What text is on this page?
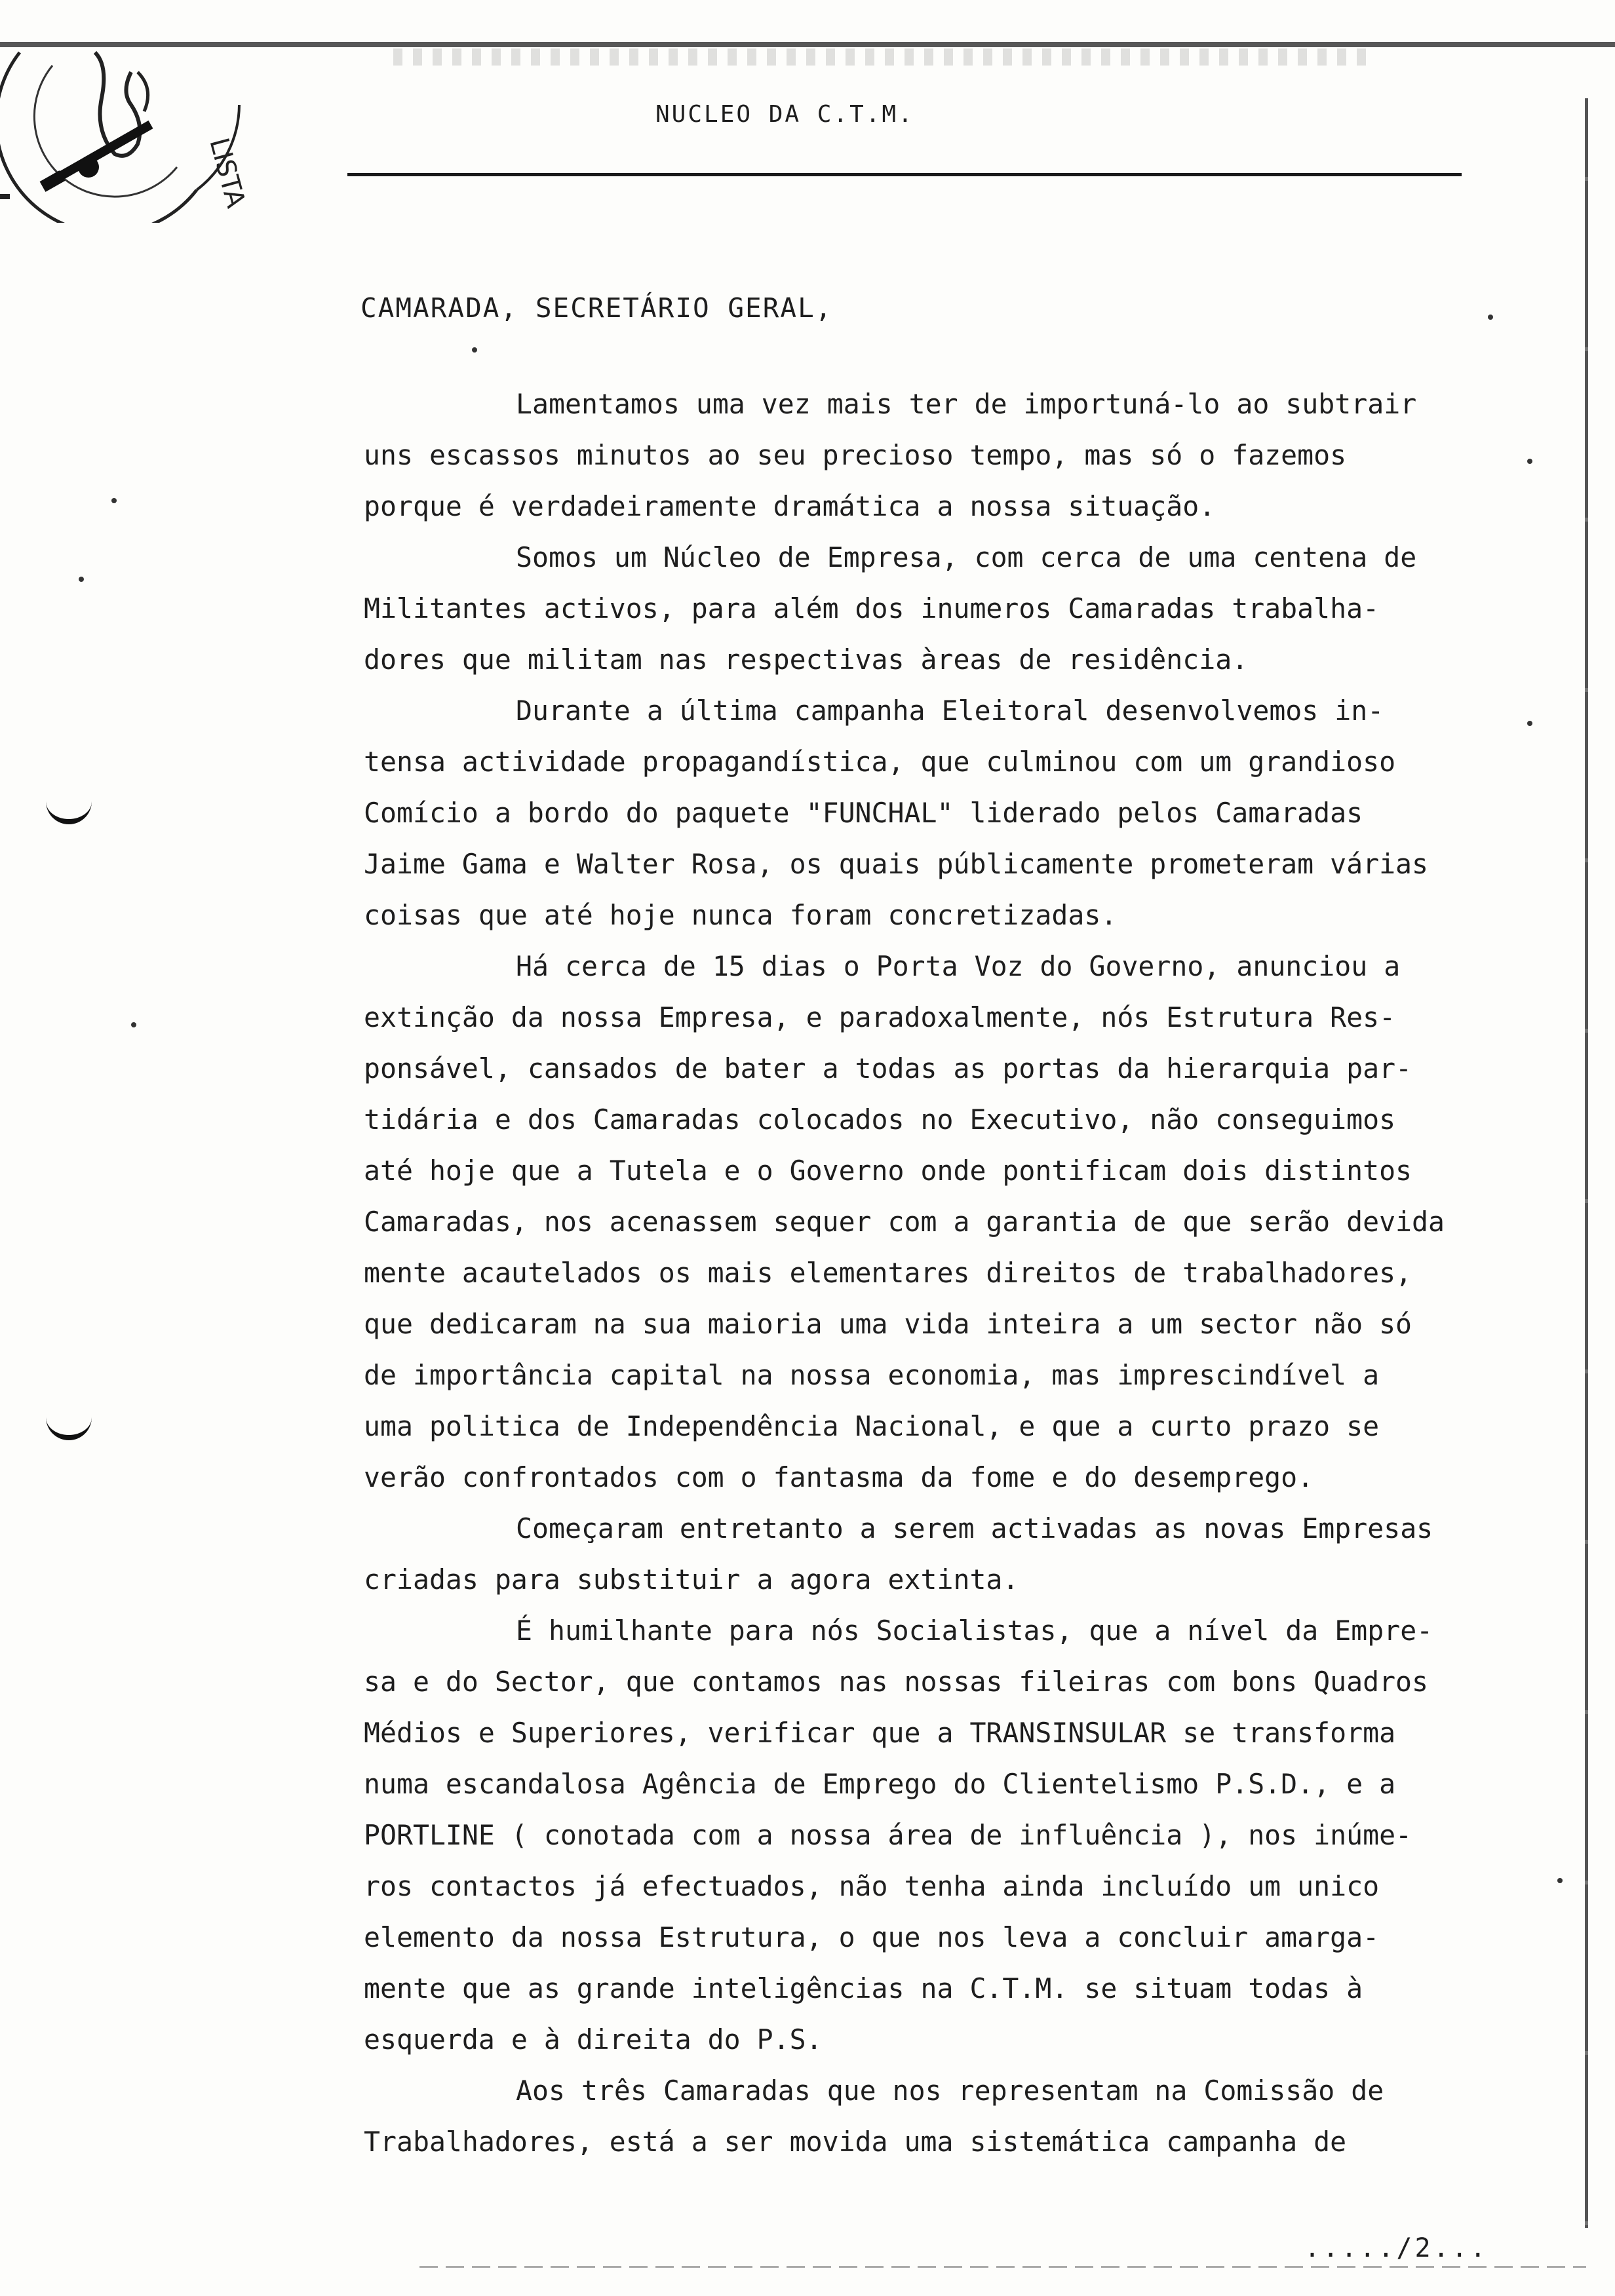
LISTA
NUCLEO DA C.T.M.
CAMARADA, SECRETÁRIO GERAL,

Lamentamos uma vez mais ter de importuná-lo ao subtrair

uns escassos minutos ao seu precioso tempo, mas só o fazemos

porque é verdadeiramente dramática a nossa situação.

Somos um Núcleo de Empresa, com cerca de uma centena de

Militantes activos, para além dos inumeros Camaradas trabalha-

dores que militam nas respectivas àreas de residência.

Durante a última campanha Eleitoral desenvolvemos in-

tensa actividade propagandística, que culminou com um grandioso

Comício a bordo do paquete "FUNCHAL" liderado pelos Camaradas

Jaime Gama e Walter Rosa, os quais públicamente prometeram várias

coisas que até hoje nunca foram concretizadas.

Há cerca de 15 dias o Porta Voz do Governo, anunciou a

extinção da nossa Empresa, e paradoxalmente, nós Estrutura Res-

ponsável, cansados de bater a todas as portas da hierarquia par-

tidária e dos Camaradas colocados no Executivo, não conseguimos

até hoje que a Tutela e o Governo onde pontificam dois distintos

Camaradas, nos acenassem sequer com a garantia de que serão devida

mente acautelados os mais elementares direitos de trabalhadores,

que dedicaram na sua maioria uma vida inteira a um sector não só

de importância capital na nossa economia, mas imprescindível a

uma politica de Independência Nacional, e que a curto prazo se

verão confrontados com o fantasma da fome e do desemprego.

Começaram entretanto a serem activadas as novas Empresas

criadas para substituir a agora extinta.

É humilhante para nós Socialistas, que a nível da Empre-

sa e do Sector, que contamos nas nossas fileiras com bons Quadros

Médios e Superiores, verificar que a TRANSINSULAR se transforma

numa escandalosa Agência de Emprego do Clientelismo P.S.D., e a

PORTLINE ( conotada com a nossa área de influência ), nos inúme-

ros contactos já efectuados, não tenha ainda incluído um unico

elemento da nossa Estrutura, o que nos leva a concluir amarga-

mente que as grande inteligências na C.T.M. se situam todas à

esquerda e à direita do P.S.

Aos três Camaradas que nos representam na Comissão de

Trabalhadores, está a ser movida uma sistemática campanha de

...../2...
